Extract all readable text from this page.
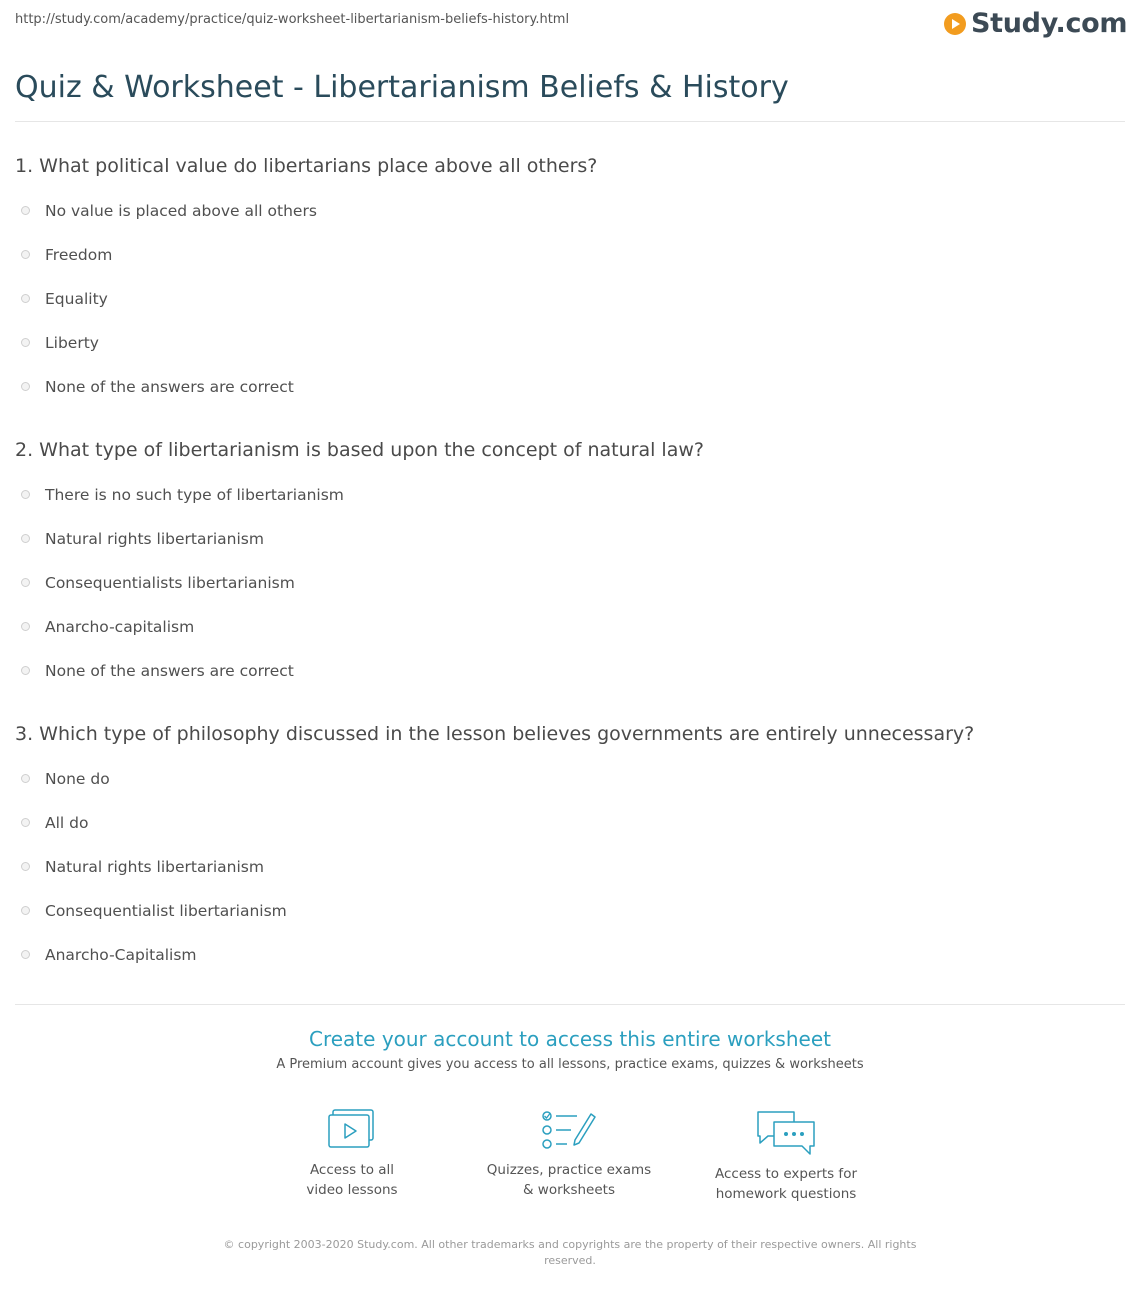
http://study.com/academy/practice/quiz-worksheet-libertarianism-beliefs-history.html	Study.com
Quiz & Worksheet - Libertarianism Beliefs & History
1. What political value do libertarians place above all others?
No value is placed above all others
Freedom
Equality
Liberty
None of the answers are correct
2. What type of libertarianism is based upon the concept of natural law?
There is no such type of libertarianism
Natural rights libertarianism
Consequentialists libertarianism
Anarcho-capitalism
None of the answers are correct
3. Which type of philosophy discussed in the lesson believes governments are entirely unnecessary?
None do
All do
Natural rights libertarianism
Consequentialist libertarianism
Anarcho-Capitalism
Create your account to access this entire worksheet
A Premium account gives you access to all lessons, practice exams, quizzes & worksheets
Access to all
video lessons
Quizzes, practice exams
& worksheets
Access to experts for
homework questions
© copyright 2003-2020 Study.com. All other trademarks and copyrights are the property of their respective owners. All rights reserved.
